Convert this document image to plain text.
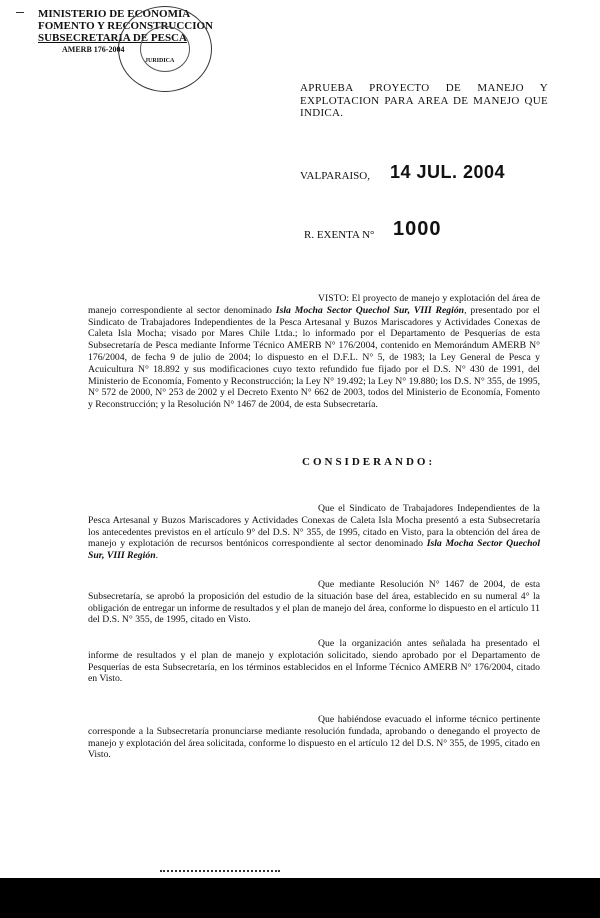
MINISTERIO DE ECONOMIA
FOMENTO Y RECONSTRUCCION
SUBSECRETARIA DE PESCA
AMERB 176-2004
JURIDICA
APRUEBA PROYECTO DE MANEJO Y EXPLOTACION PARA AREA DE MANEJO QUE INDICA.
VALPARAISO, 14 JUL. 2004
R. EXENTA N° 1000

VISTO: El proyecto de manejo y explotación del área de manejo correspondiente al sector denominado Isla Mocha Sector Quechol Sur, VIII Región, presentado por el Sindicato de Trabajadores Independientes de la Pesca Artesanal y Buzos Mariscadores y Actividades Conexas de Caleta Isla Mocha; visado por Mares Chile Ltda.; lo informado por el Departamento de Pesquerías de esta Subsecretaría de Pesca mediante Informe Técnico AMERB N° 176/2004, contenido en Memorándum AMERB N° 176/2004, de fecha 9 de julio de 2004; lo dispuesto en el D.F.L. N° 5, de 1983; la Ley General de Pesca y Acuicultura N° 18.892 y sus modificaciones cuyo texto refundido fue fijado por el D.S. N° 430 de 1991, del Ministerio de Economía, Fomento y Reconstrucción; la Ley N° 19.492; la Ley N° 19.880; los D.S. N° 355, de 1995, N° 572 de 2000, N° 253 de 2002 y el Decreto Exento N° 662 de 2003, todos del Ministerio de Economía, Fomento y Reconstrucción; y la Resolución N° 1467 de 2004, de esta Subsecretaría.

CONSIDERANDO:

Que el Sindicato de Trabajadores Independientes de la Pesca Artesanal y Buzos Mariscadores y Actividades Conexas de Caleta Isla Mocha presentó a esta Subsecretaría los antecedentes previstos en el artículo 9° del D.S. N° 355, de 1995, citado en Visto, para la obtención del área de manejo y explotación de recursos bentónicos correspondiente al sector denominado Isla Mocha Sector Quechol Sur, VIII Región.

Que mediante Resolución N° 1467 de 2004, de esta Subsecretaría, se aprobó la proposición del estudio de la situación base del área, establecido en su numeral 4° la obligación de entregar un informe de resultados y el plan de manejo del área, conforme lo dispuesto en el artículo 11 del D.S. N° 355, de 1995, citado en Visto.

Que la organización antes señalada ha presentado el informe de resultados y el plan de manejo y explotación solicitado, siendo aprobado por el Departamento de Pesquerías de esta Subsecretaría, en los términos establecidos en el Informe Técnico AMERB N° 176/2004, citado en Visto.

Que habiéndose evacuado el informe técnico pertinente corresponde a la Subsecretaría pronunciarse mediante resolución fundada, aprobando o denegando el proyecto de manejo y explotación del área solicitada, conforme lo dispuesto en el artículo 12 del D.S. N° 355, de 1995, citado en Visto.
